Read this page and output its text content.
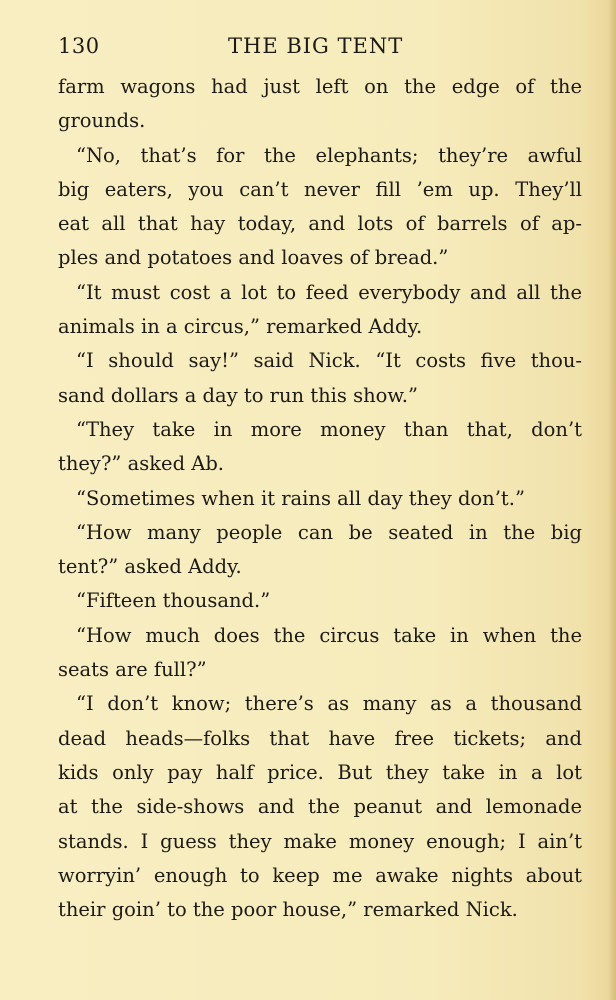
130	THE BIG TENT
farm wagons had just left on the edge of the
grounds.
“No, that’s for the elephants; they’re awful
big eaters, you can’t never fill ’em up. They’ll
eat all that hay today, and lots of barrels of ap-
ples and potatoes and loaves of bread.”
“It must cost a lot to feed everybody and all the
animals in a circus,” remarked Addy.
“I should say!” said Nick. “It costs five thou-
sand dollars a day to run this show.”
“They take in more money than that, don’t
they?” asked Ab.
“Sometimes when it rains all day they don’t.”
“How many people can be seated in the big
tent?” asked Addy.
“Fifteen thousand.”
“How much does the circus take in when the
seats are full?”
“I don’t know; there’s as many as a thousand
dead heads—folks that have free tickets; and
kids only pay half price. But they take in a lot
at the side-shows and the peanut and lemonade
stands. I guess they make money enough; I ain’t
worryin’ enough to keep me awake nights about
their goin’ to the poor house,” remarked Nick.
